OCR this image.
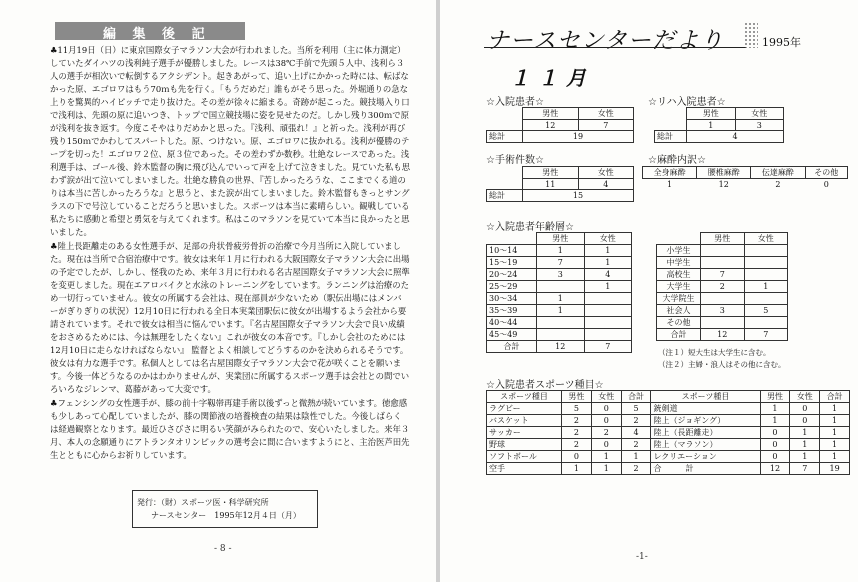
編 集 後 記

♣11月19日（日）に東京国際女子マラソン大会が行われました。当所を利用（主に体力測定）していたダイハツの浅利純子選手が優勝しました。レースは38℃手前で先頭５人中、浅利ら３人の選手が相次いで転倒するアクシデント。起きあがって、追い上げにかかった時には、転ばなかった原、エゴロワはもう70ｍも先を行く。「もうだめだ」誰もがそう思った。外堀通りの急な上りを驚異的ハイピッチで走り抜けた。その差が徐々に縮まる。奇跡が起こった。競技場入り口で浅利は、先頭の原に追いつき、トップで国立競技場に姿を見せたのだ。しかし残り300ｍで原が浅利を抜き返す。今度こそやはりだめかと思った。『浅利、頑張れ！』と祈った。浅利が再び残り150ｍでかわしてスパートした。原、つけない。原、エゴロワに抜かれる。浅利が優勝のテープを切った！エゴロワ２位、原３位であった。その差わずか数秒。壮絶なレースであった。浅利選手は、ゴール後、鈴木監督の胸に飛び込んでいって声を上げて泣きました。見ていた私も思わず涙が出て泣いてしまいました。壮絶な勝負の世界、『苦しかったろうな、ここまでくる道のりは本当に苦しかったろうな』と思うと、また涙が出てしまいました。鈴木監督もきっとサングラスの下で号泣していることだろうと思いました。スポーツは本当に素晴らしい。観戦している私たちに感動と希望と勇気を与えてくれます。私はこのマラソンを見ていて本当に良かったと思いました。

♣陸上長距離走のある女性選手が、足部の舟状骨疲労骨折の治療で今月当所に入院していました。現在は当所で合宿治療中です。彼女は来年１月に行われる大阪国際女子マラソン大会に出場の予定でしたが、しかし、怪我のため、来年３月に行われる名古屋国際女子マラソン大会に照準を変更しました。現在エアロバイクと水泳のトレーニングをしています。ランニングは治療のため一切行っていません。彼女の所属する会社は、現在部員が少ないため（駅伝出場にはメンバーがぎりぎりの状況）12月10日に行われる全日本実業団駅伝に彼女が出場するよう会社から要請されています。それで彼女は相当に悩んでいます。『名古屋国際女子マラソン大会で良い成績をおさめるためには、今は無理をしたくない』これが彼女の本音です。『しかし会社のためには12月10日に走らなければならない』 監督とよく相談してどうするのかを決められるそうです。彼女は有力な選手です。私個人としては名古屋国際女子マラソン大会で花が咲くことを願います。今後一体どうなるのかはわかりませんが、実業団に所属するスポーツ選手は会社との間でいろいろなジレンマ、葛藤があって大変です。

♣フェンシングの女性選手が、膝の前十字靱帯再建手術以後ずっと微熱が続いています。徳愈感も少しあって心配していましたが、膝の関節液の培養検査の結果は陰性でした。今後しばらくは経過観察となります。最近ひさびさに明るい笑顔がみられたので、安心いたしました。来年３月、本人の念願通りにアトランタオリンピックの選考会に間に合いますようにと、主治医芦田先生とともに心からお祈りしています。

発行：（財）スポーツ医・科学研究所
ナースセンター　1995年12月４日（月）
- 8 -
ナースセンターだより	1995年
１１月
☆入院患者☆
	男性	女性
	12	7
総計	19	
☆リハ入院患者☆
	男性	女性
	1	3
総計	4	
☆手術件数☆
	男性	女性
	11	4
総計	15	
☆麻酔内訳☆
全身麻酔	腰椎麻酔	伝達麻酔	その他
1	12	2	0
☆入院患者年齢層☆
	男性	女性
10～14	1	1
15～19	7	1
20～24	3	4
25～29		1
30～34	1	
35～39	1	
40～44		
45～49		
合計	12	7
	男性	女性
小学生		
中学生		
高校生	7	
大学生	2	1
大学院生		
社会人	3	5
その他		
合計	12	7
（注１）短大生は大学生に含む。
（注２）主婦・浪人はその他に含む。
☆入院患者スポーツ種目☆
スポーツ種目	男性	女性	合計	スポーツ種目	男性	女性	合計
ラグビー	5	0	5	銃剣道	1	0	1
バスケット	2	0	2	陸上（ジョギング）	1	0	1
サッカー	2	2	4	陸上（長距離走）	0	1	1
野球	2	0	2	陸上（マラソン）	0	1	1
ソフトボール	0	1	1	レクリエーション	0	1	1
空手	1	1	2	合　　　計	12	7	19
-1-
